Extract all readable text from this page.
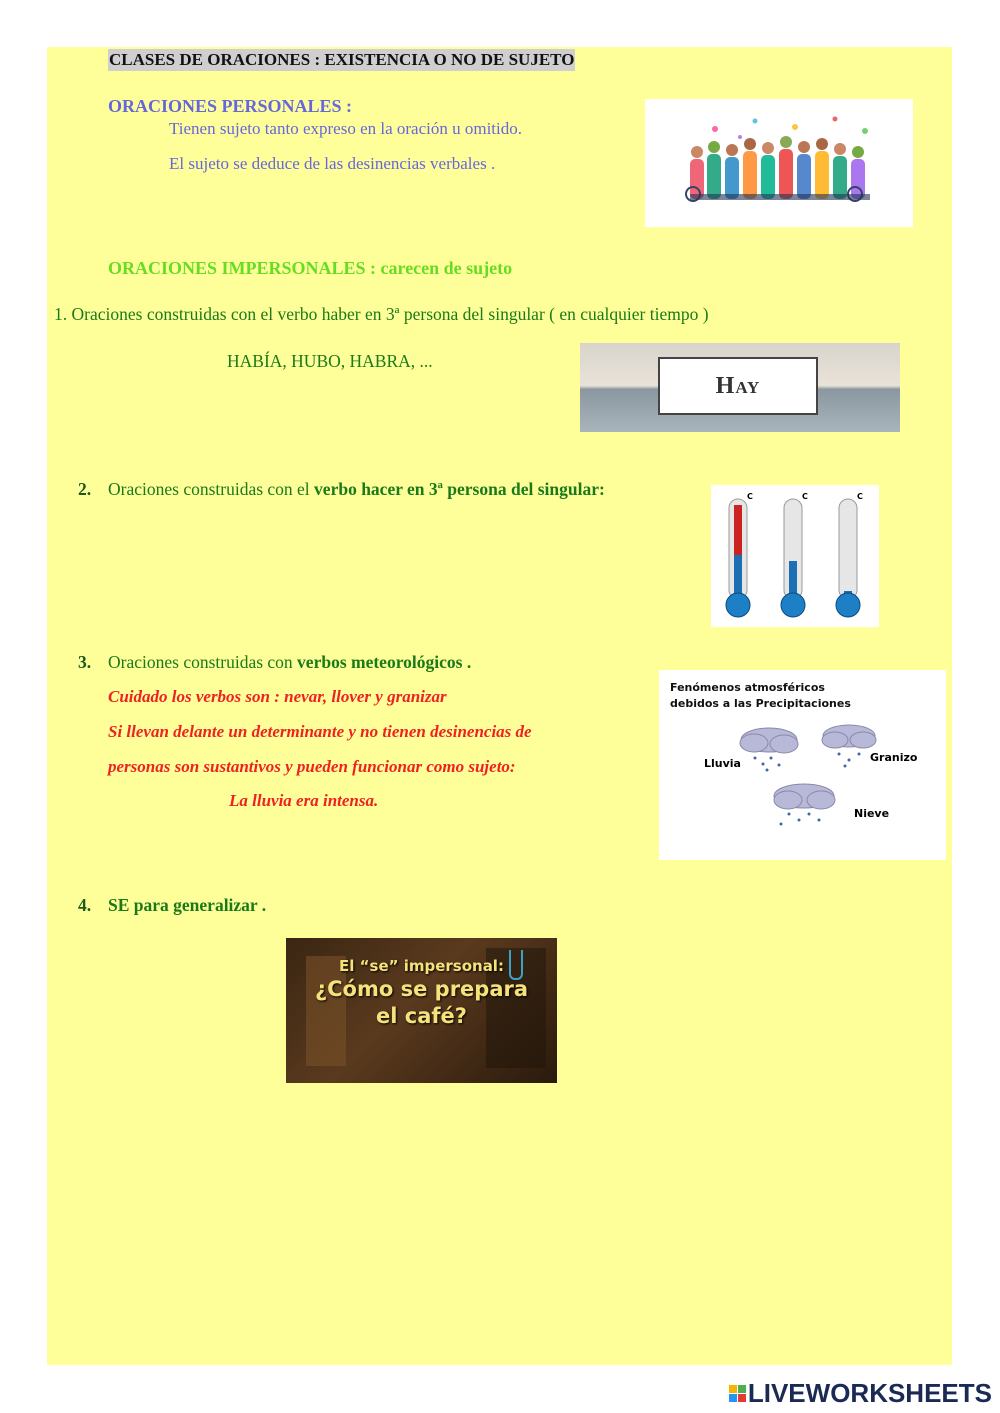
CLASES DE ORACIONES : EXISTENCIA O NO DE SUJETO

ORACIONES PERSONALES :

Tienen sujeto tanto expreso en la oración u omitido.

El sujeto se deduce de las desinencias verbales .

ORACIONES IMPERSONALES : carecen de sujeto

1. Oraciones construidas con el verbo haber en 3ª persona del singular ( en cualquier tiempo )

HABÍA, HUBO, HABRA, ...

Hay

2. Oraciones construidas con el verbo hacer en 3ª persona del singular:	C	C	C

3. Oraciones construidas con verbos meteorológicos .

Cuidado los verbos son : nevar, llover y granizar

Si llevan delante un determinante y no tienen desinencias de

personas son sustantivos y pueden funcionar como sujeto:

La lluvia era intensa.

Fenómenos atmosféricos
debidos a las Precipitaciones
Lluvia	Granizo
Nieve

4. SE para generalizar .

El “se” impersonal:
¿Cómo se prepara
el café?
LIVEWORKSHEETS
